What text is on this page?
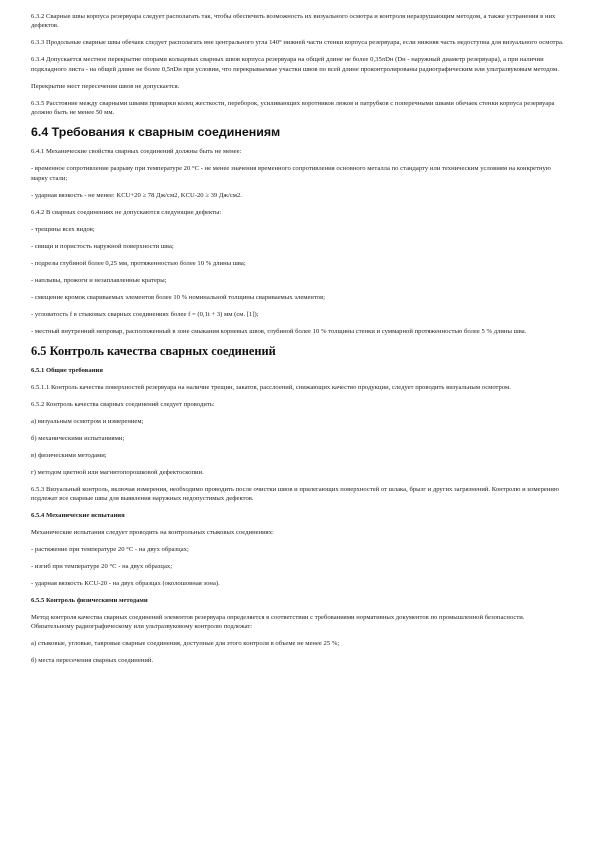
6.3.2 Сварные швы корпуса резервуара следует располагать так, чтобы обеспечить возможность их визуального осмотра и контроля неразрушающим методом, а также устранения в них дефектов.

6.3.3 Продольные сварные швы обечаек следует располагать вне центрального угла 140° нижней части стенки корпуса резервуара, если нижняя часть недоступна для визуального осмотра.

6.3.4 Допускается местное перекрытие опорами кольцевых сварных швов корпуса резервуара на общей длине не более 0,35πDн (Dн - наружный диаметр резервуара), а при наличии подкладного листа - на общей длине не более 0,5πDн при условии, что перекрываемые участки швов по всей длине проконтролированы радиографическим или ультразвуковым методом.

Перекрытие мест пересечения швов не допускается.

6.3.5 Расстояние между сварными швами приварки колец жесткости, переборок, усиливающих воротников люков и патрубков с поперечными швами обечаек стенки корпуса резервуара должно быть не менее 50 мм.

6.4 Требования к сварным соединениям

6.4.1 Механические свойства сварных соединений должны быть не менее:

- временное сопротивление разрыву при температуре 20 °С - не менее значения временного сопротивления основного металла по стандарту или техническим условиям на конкретную марку стали;

- ударная вязкость - не менее: KCU+20 ≥ 78 Дж/см2, KCU-20 ≥ 39 Дж/см2.

6.4.2 В сварных соединениях не допускаются следующие дефекты:

- трещины всех видов;

- свищи и пористость наружной поверхности шва;

- подрезы глубиной более 0,25 мм, протяженностью более 10 % длины шва;

- наплывы, прожоги и незаплавленные кратеры;

- смещение кромок свариваемых элементов более 10 % номинальной толщины свариваемых элементов;

- угловатость f в стыковых сварных соединениях более f = (0,1t + 3) мм (см. [1]);

- местный внутренний непровар, расположенный в зоне смыкания корневых швов, глубиной более 10 % толщины стенки и суммарной протяженностью более 5 % длины шва.

6.5 Контроль качества сварных соединений

6.5.1 Общие требования

6.5.1.1 Контроль качества поверхностей резервуара на наличие трещин, закатов, расслоений, снижающих качество продукции, следует проводить визуальным осмотром.

6.5.2 Контроль качества сварных соединений следует проводить:

а) визуальным осмотром и измерением;

б) механическими испытаниями;

в) физическими методами;

г) методом цветной или магнитопорошковой дефектоскопии.

6.5.3 Визуальный контроль, включая измерения, необходимо проводить после очистки швов и прилегающих поверхностей от шлака, брызг и других загрязнений. Контролю и измерению подлежат все сварные швы для выявления наружных недопустимых дефектов.

6.5.4 Механические испытания

Механические испытания следует проводить на контрольных стыковых соединениях:

- растяжение при температуре 20 °С - на двух образцах;

- изгиб при температуре 20 °С - на двух образцах;

- ударная вязкость KCU-20 - на двух образцах (околошовная зона).

6.5.5 Контроль физическими методами

Метод контроля качества сварных соединений элементов резервуара определяется в соответствии с требованиями нормативных документов по промышленной безопасности. Обязательному радиографическому или ультразвуковому контролю подлежат:

а) стыковые, угловые, тавровые сварные соединения, доступные для этого контроля в объеме не менее 25 %;

б) места пересечения сварных соединений.
